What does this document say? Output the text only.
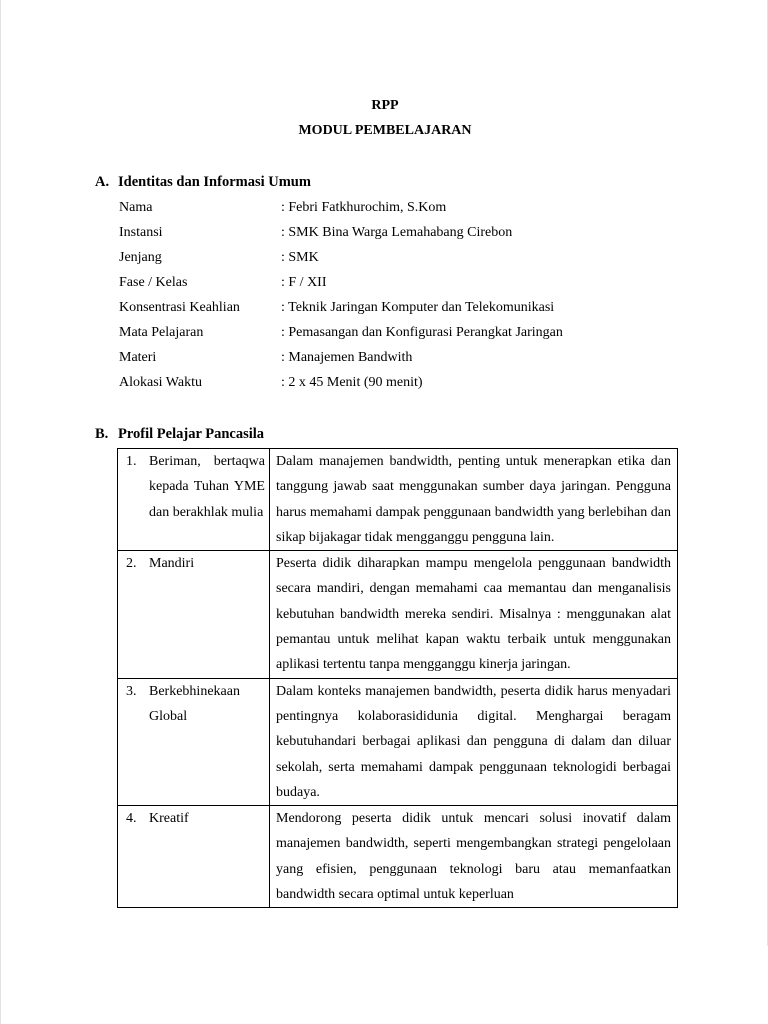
RPP
MODUL PEMBELAJARAN
A. Identitas dan Informasi Umum
Nama	: Febri Fatkhurochim, S.Kom
Instansi	: SMK Bina Warga Lemahabang Cirebon
Jenjang	: SMK
Fase / Kelas	: F / XII
Konsentrasi Keahlian	: Teknik Jaringan Komputer dan Telekomunikasi
Mata Pelajaran	: Pemasangan dan Konfigurasi Perangkat Jaringan
Materi	: Manajemen Bandwith
Alokasi Waktu	: 2 x 45 Menit (90 menit)
B. Profil Pelajar Pancasila
1. Beriman, bertaqwa kepada Tuhan YME dan berakhlak mulia	Dalam manajemen bandwidth, penting untuk menerapkan etika dan tanggung jawab saat menggunakan sumber daya jaringan. Pengguna harus memahami dampak penggunaan bandwidth yang berlebihan dan sikap bijakagar tidak mengganggu pengguna lain.
2. Mandiri	Peserta didik diharapkan mampu mengelola penggunaan bandwidth secara mandiri, dengan memahami caa memantau dan menganalisis kebutuhan bandwidth mereka sendiri. Misalnya : menggunakan alat pemantau untuk melihat kapan waktu terbaik untuk menggunakan aplikasi tertentu tanpa mengganggu kinerja jaringan.
3. Berkebhinekaan Global	Dalam konteks manajemen bandwidth, peserta didik harus menyadari pentingnya kolaborasididunia digital. Menghargai beragam kebutuhandari berbagai aplikasi dan pengguna di dalam dan diluar sekolah, serta memahami dampak penggunaan teknologidi berbagai budaya.
4. Kreatif	Mendorong peserta didik untuk mencari solusi inovatif dalam manajemen bandwidth, seperti mengembangkan strategi pengelolaan yang efisien, penggunaan teknologi baru atau memanfaatkan bandwidth secara optimal untuk keperluan
